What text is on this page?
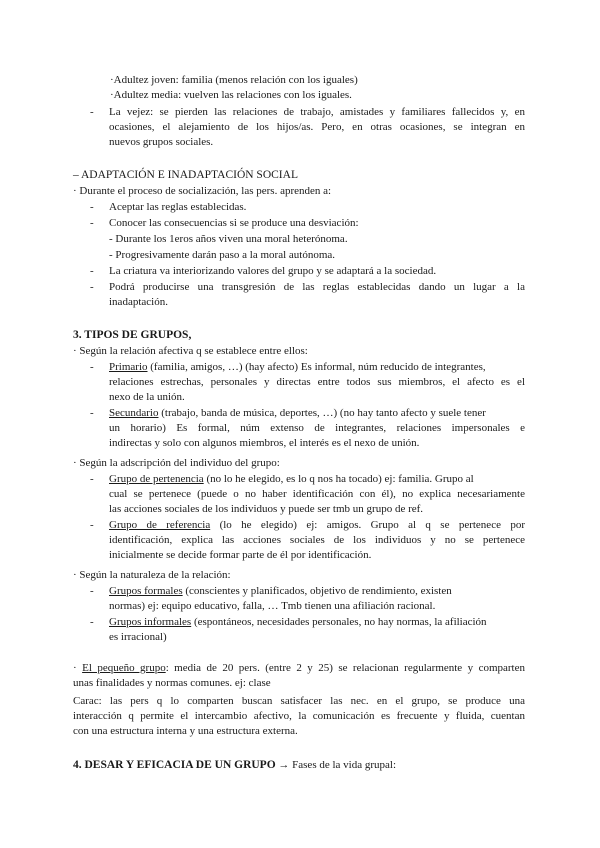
·Adultez joven: familia (menos relación con los iguales)
·Adultez media: vuelven las relaciones con los iguales.
- La vejez: se pierden las relaciones de trabajo, amistades y familiares fallecidos y, en
ocasiones, el alejamiento de los hijos/as. Pero, en otras ocasiones, se integran en
nuevos grupos sociales.
– ADAPTACIÓN E INADAPTACIÓN SOCIAL
· Durante el proceso de socialización, las pers. aprenden a:
- Aceptar las reglas establecidas.
- Conocer las consecuencias si se produce una desviación:
- Durante los 1eros años viven una moral heterónoma.
- Progresivamente darán paso a la moral autónoma.
- La criatura va interiorizando valores del grupo y se adaptará a la sociedad.
- Podrá producirse una transgresión de las reglas establecidas dando un lugar a la
inadaptación.
3. TIPOS DE GRUPOS,
· Según la relación afectiva q se establece entre ellos:
- Primario (familia, amigos, …) (hay afecto) Es informal, núm reducido de integrantes,
relaciones estrechas, personales y directas entre todos sus miembros, el afecto es el
nexo de la unión.
- Secundario (trabajo, banda de música, deportes, …) (no hay tanto afecto y suele tener
un horario) Es formal, núm extenso de integrantes, relaciones impersonales e
indirectas y solo con algunos miembros, el interés es el nexo de unión.
· Según la adscripción del individuo del grupo:
- Grupo de pertenencia (no lo he elegido, es lo q nos ha tocado) ej: familia. Grupo al
cual se pertenece (puede o no haber identificación con él), no explica necesariamente
las acciones sociales de los individuos y puede ser tmb un grupo de ref.
- Grupo de referencia (lo he elegido) ej: amigos. Grupo al q se pertenece por
identificación, explica las acciones sociales de los individuos y no se pertenece
inicialmente se decide formar parte de él por identificación.
· Según la naturaleza de la relación:
- Grupos formales (conscientes y planificados, objetivo de rendimiento, existen
normas) ej: equipo educativo, falla, … Tmb tienen una afiliación racional.
- Grupos informales (espontáneos, necesidades personales, no hay normas, la afiliación
es irracional)
· El pequeño grupo: media de 20 pers. (entre 2 y 25) se relacionan regularmente y comparten
unas finalidades y normas comunes. ej: clase
Carac: las pers q lo comparten buscan satisfacer las nec. en el grupo, se produce una
interacción q permite el intercambio afectivo, la comunicación es frecuente y fluida, cuentan
con una estructura interna y una estructura externa.
4. DESAR Y EFICACIA DE UN GRUPO → Fases de la vida grupal:
